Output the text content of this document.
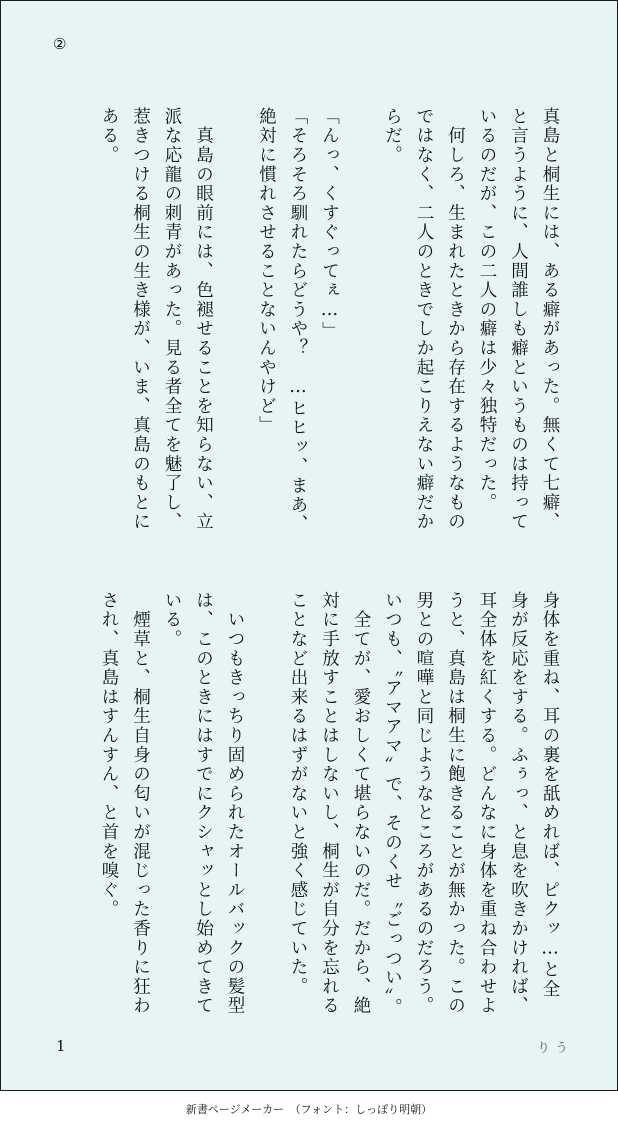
②
真島と桐生には、ある癖があった。無くて七癖、
と言うように、人間誰しも癖というものは持って
いるのだが、この二人の癖は少々独特だった。
　何しろ、生まれたときから存在するようなもの
ではなく、二人のときでしか起こりえない癖だか
らだ。

「んっ、くすぐってぇ…」
「そろそろ馴れたらどうや？　…ヒヒッ、まあ、
絶対に慣れさせることないんやけど」

　真島の眼前には、色褪せることを知らない、立
派な応龍の刺青があった。見る者全てを魅了し、
惹きつける桐生の生き様が、いま、真島のもとに
ある。
身体を重ね、耳の裏を舐めれば、ピクッ…と全
身が反応をする。ふぅっ、と息を吹きかければ、
耳全体を紅くする。どんなに身体を重ね合わせよ
うと、真島は桐生に飽きることが無かった。この
男との喧嘩と同じようなところがあるのだろう。
いつも、〝アマアマ〟で、そのくせ〝ごっつい〟。
　全てが、愛おしくて堪らないのだ。だから、絶
対に手放すことはしないし、桐生が自分を忘れる
ことなど出来るはずがないと強く感じていた。

　いつもきっちり固められたオールバックの髪型
は、このときにはすでにクシャッとし始めてきて
いる。
　煙草と、桐生自身の匂いが混じった香りに狂わ
され、真島はすんすん、と首を嗅ぐ。
1	りう
新書ページメーカー　（フォント：しっぽり明朝）
